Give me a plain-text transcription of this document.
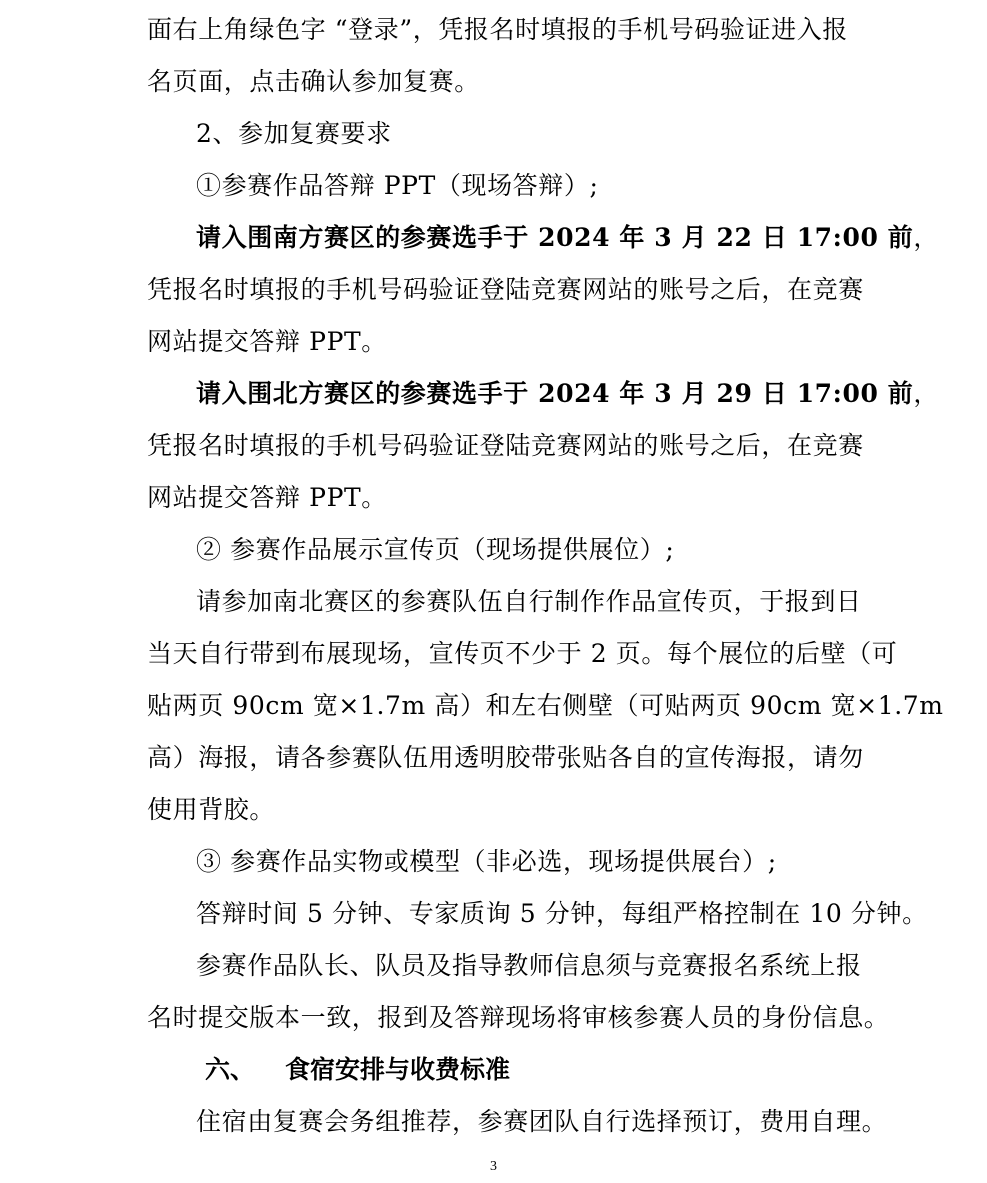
面右上角绿色字 “登录”，凭报名时填报的手机号码验证进入报
名页面，点击确认参加复赛。
2、参加复赛要求
①参赛作品答辩 PPT（现场答辩）;
请入围南方赛区的参赛选手于 2024 年 3 月 22 日 17:00 前，
凭报名时填报的手机号码验证登陆竞赛网站的账号之后，在竞赛
网站提交答辩 PPT。
请入围北方赛区的参赛选手于 2024 年 3 月 29 日 17:00 前，
凭报名时填报的手机号码验证登陆竞赛网站的账号之后，在竞赛
网站提交答辩 PPT。
② 参赛作品展示宣传页（现场提供展位）;
请参加南北赛区的参赛队伍自行制作作品宣传页，于报到日
当天自行带到布展现场，宣传页不少于 2 页。每个展位的后壁（可
贴两页 90cm 宽×1.7m 高）和左右侧壁（可贴两页 90cm 宽×1.7m
高）海报，请各参赛队伍用透明胶带张贴各自的宣传海报，请勿
使用背胶。
③ 参赛作品实物或模型（非必选，现场提供展台）;
答辩时间 5 分钟、专家质询 5 分钟，每组严格控制在 10 分钟。
参赛作品队长、队员及指导教师信息须与竞赛报名系统上报
名时提交版本一致，报到及答辩现场将审核参赛人员的身份信息。
六、 食宿安排与收费标准
住宿由复赛会务组推荐，参赛团队自行选择预订，费用自理。
3
